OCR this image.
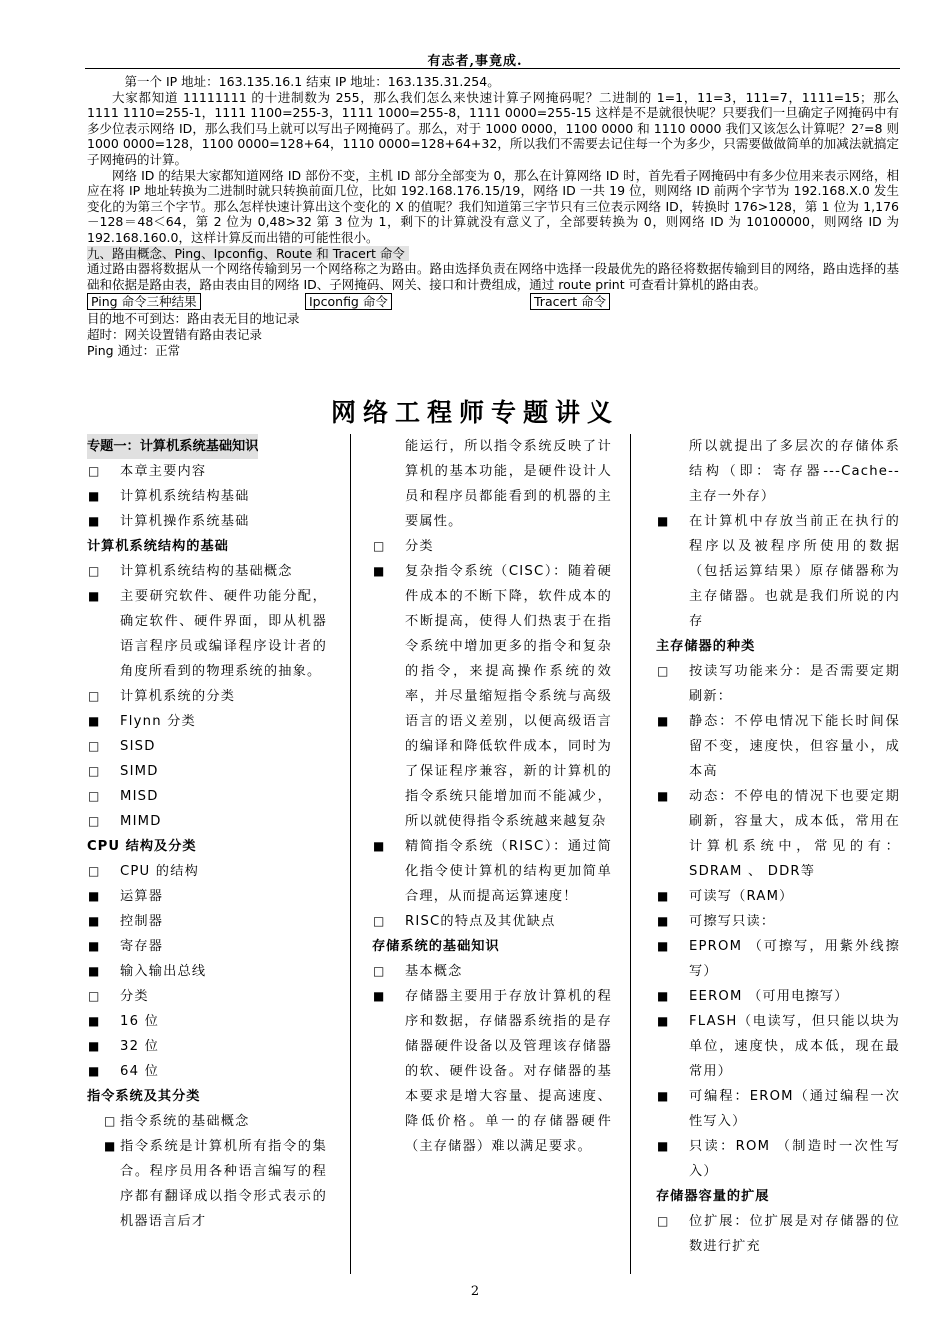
有志者,事竟成.

第一个 IP 地址：163.135.16.1 结束 IP 地址：163.135.31.254。

大家都知道 11111111 的十进制数为 255，那么我们怎么来快速计算子网掩码呢？二进制的 1=1，11=3，111=7，1111=15；那么 1111 1110=255-1，1111 1100=255-3，1111 1000=255-8，1111 0000=255-15 这样是不是就很快呢？只要我们一旦确定子网掩码中有多少位表示网络 ID，那么我们马上就可以写出子网掩码了。那么，对于 1000 0000，1100 0000 和 1110 0000 我们又该怎么计算呢？2⁷=8 则 1000 0000=128，1100 0000=128+64，1110 0000=128+64+32，所以我们不需要去记住每一个为多少，只需要做做简单的加减法就搞定子网掩码的计算。

网络 ID 的结果大家都知道网络 ID 部份不变，主机 ID 部分全部变为 0，那么在计算网络 ID 时，首先看子网掩码中有多少位用来表示网络，相应在将 IP 地址转换为二进制时就只转换前面几位，比如 192.168.176.15/19，网络 ID 一共 19 位，则网络 ID 前两个字节为 192.168.X.0 发生变化的为第三个字节。那么怎样快速计算出这个变化的 X 的值呢？我们知道第三字节只有三位表示网络 ID，转换时 176>128，第 1 位为 1,176－128＝48＜64，第 2 位为 0,48>32 第 3 位为 1，剩下的计算就没有意义了，全部要转换为 0，则网络 ID 为 10100000，则网络 ID 为 192.168.160.0，这样计算反而出错的可能性很小。

九、路由概念、Ping、Ipconfig、Route 和 Tracert 命令

通过路由器将数据从一个网络传输到另一个网络称之为路由。路由选择负责在网络中选择一段最优先的路径将数据传输到目的网络，路由选择的基础和依据是路由表，路由表由目的网络 ID、子网掩码、网关、接口和计费组成，通过 route print 可查看计算机的路由表。

Ping 命令三种结果	Ipconfig 命令	Tracert 命令

目的地不可到达：路由表无目的地记录

超时：网关设置错有路由表记录

Ping 通过：正常

网络工程师专题讲义
专题一：计算机系统基础知识
□ 本章主要内容
■ 计算机系统结构基础
■ 计算机操作系统基础
计算机系统结构的基础
□ 计算机系统结构的基础概念
■ 主要研究软件、硬件功能分配，确定软件、硬件界面，即从机器语言程序员或编译程序设计者的角度所看到的物理系统的抽象。
□ 计算机系统的分类
■ Flynn 分类
□ SISD
□ SIMD
□ MISD
□ MIMD
CPU 结构及分类
□ CPU 的结构
■ 运算器
■ 控制器
■ 寄存器
■ 输入输出总线
□ 分类
■ 16 位
■ 32 位
■ 64 位
指令系统及其分类
□ 指令系统的基础概念
■ 指令系统是计算机所有指令的集合。程序员用各种语言编写的程序都有翻译成以指令形式表示的机器语言后才
能运行，所以指令系统反映了计算机的基本功能，是硬件设计人员和程序员都能看到的机器的主要属性。
□ 分类
■ 复杂指令系统（CISC）：随着硬件成本的不断下降，软件成本的不断提高，使得人们热衷于在指令系统中增加更多的指令和复杂的指令，来提高操作系统的效率，并尽量缩短指令系统与高级语言的语义差别，以便高级语言的编译和降低软件成本，同时为了保证程序兼容，新的计算机的指令系统只能增加而不能减少，所以就使得指令系统越来越复杂
■ 精简指令系统（RISC）：通过简化指令使计算机的结构更加简单合理，从而提高运算速度！
□ RISC的特点及其优缺点
存储系统的基础知识
□ 基本概念
■ 存储器主要用于存放计算机的程序和数据，存储器系统指的是存储器硬件设备以及管理该存储器的软、硬件设备。对存储器的基本要求是增大容量、提高速度、降低价格。单一的存储器硬件（主存储器）难以满足要求。
所以就提出了多层次的存储体系结构（即：寄存器---Cache-- 主存一外存）
■ 在计算机中存放当前正在执行的程序以及被程序所使用的数据（包括运算结果）原存储器称为主存储器。也就是我们所说的内存
主存储器的种类
□ 按读写功能来分：是否需要定期刷新：
■ 静态：不停电情况下能长时间保留不变，速度快，但容量小，成本高
■ 动态：不停电的情况下也要定期刷新，容量大，成本低，常用在计算机系统中，常见的有：SDRAM 、 DDR等
■ 可读写（RAM）
■ 可擦写只读：
■ EPROM （可擦写，用紫外线擦写）
■ EEROM （可用电擦写）
■ FLASH（电读写，但只能以块为单位，速度快，成本低，现在最常用）
■ 可编程：EROM（通过编程一次性写入）
■ 只读：ROM （制造时一次性写入）
存储器容量的扩展
□ 位扩展：位扩展是对存储器的位数进行扩充
2
